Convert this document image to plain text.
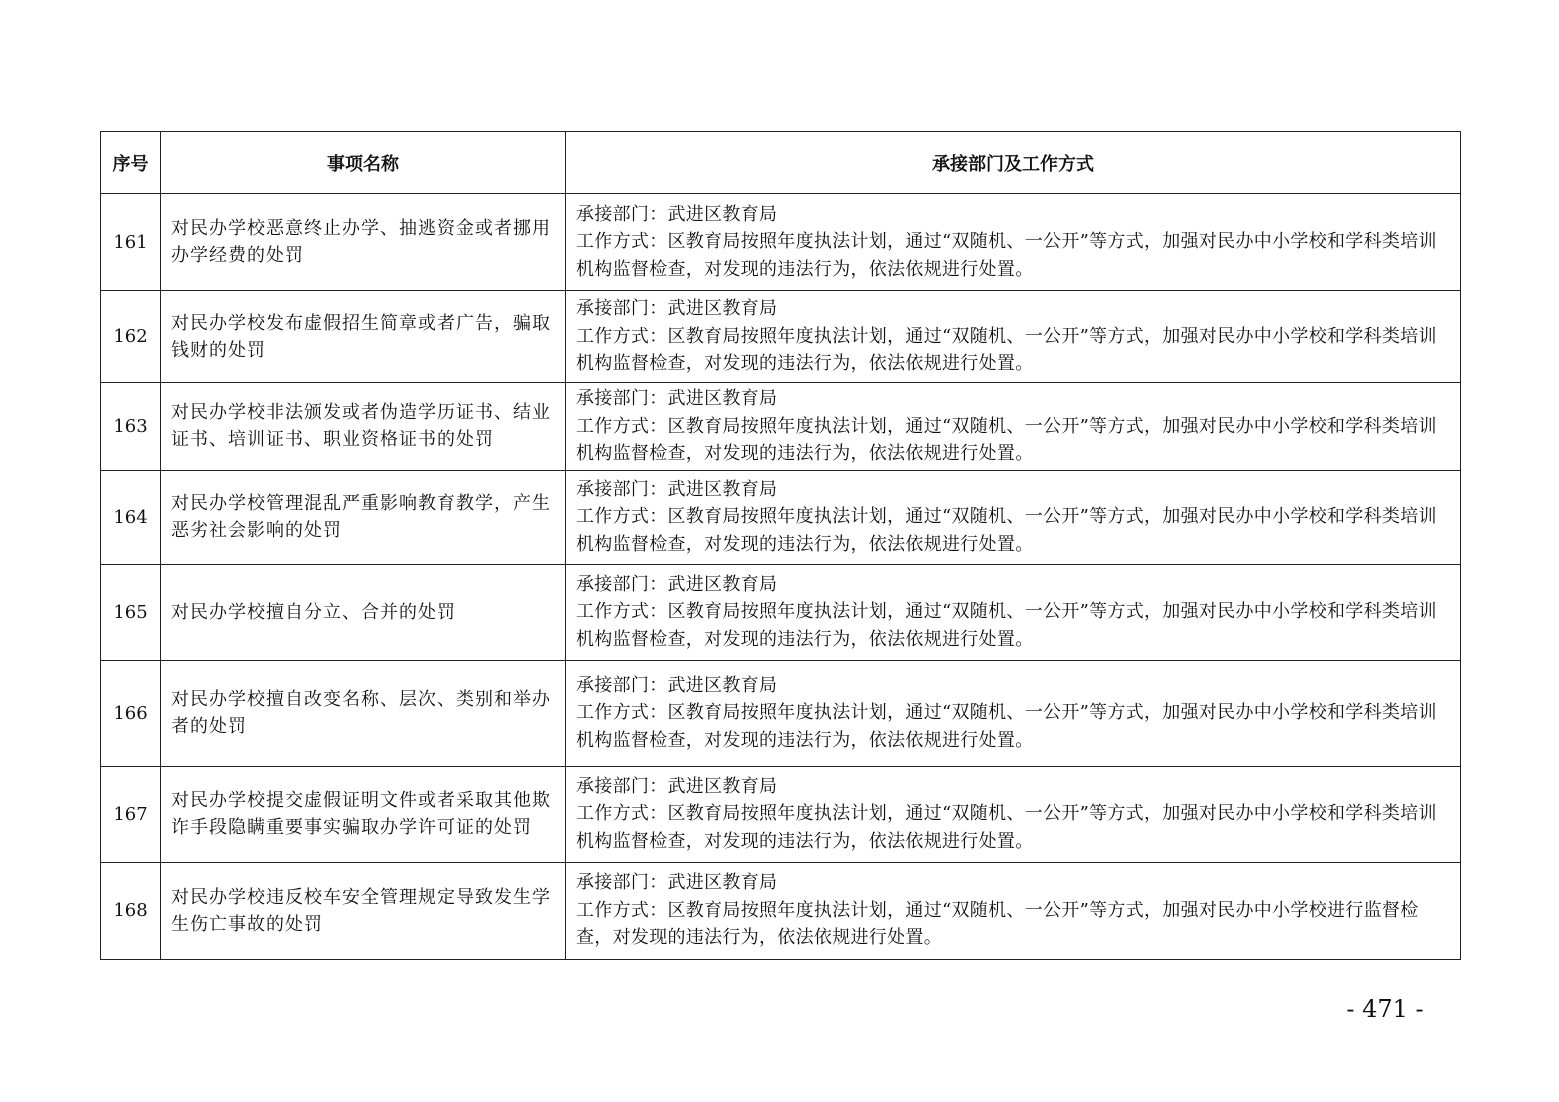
序号	事项名称	承接部门及工作方式
161	对民办学校恶意终止办学、抽逃资金或者挪用办学经费的处罚	承接部门：武进区教育局
工作方式：区教育局按照年度执法计划，通过“双随机、一公开”等方式，加强对民办中小学校和学科类培训机构监督检查，对发现的违法行为，依法依规进行处置。

162	对民办学校发布虚假招生简章或者广告，骗取钱财的处罚	承接部门：武进区教育局
工作方式：区教育局按照年度执法计划，通过“双随机、一公开”等方式，加强对民办中小学校和学科类培训机构监督检查，对发现的违法行为，依法依规进行处置。

163	对民办学校非法颁发或者伪造学历证书、结业证书、培训证书、职业资格证书的处罚	承接部门：武进区教育局
工作方式：区教育局按照年度执法计划，通过“双随机、一公开”等方式，加强对民办中小学校和学科类培训机构监督检查，对发现的违法行为，依法依规进行处置。

164	对民办学校管理混乱严重影响教育教学，产生恶劣社会影响的处罚	承接部门：武进区教育局
工作方式：区教育局按照年度执法计划，通过“双随机、一公开”等方式，加强对民办中小学校和学科类培训机构监督检查，对发现的违法行为，依法依规进行处置。

165	对民办学校擅自分立、合并的处罚	承接部门：武进区教育局
工作方式：区教育局按照年度执法计划，通过“双随机、一公开”等方式，加强对民办中小学校和学科类培训机构监督检查，对发现的违法行为，依法依规进行处置。

166	对民办学校擅自改变名称、层次、类别和举办者的处罚	承接部门：武进区教育局
工作方式：区教育局按照年度执法计划，通过“双随机、一公开”等方式，加强对民办中小学校和学科类培训机构监督检查，对发现的违法行为，依法依规进行处置。

167	对民办学校提交虚假证明文件或者采取其他欺诈手段隐瞒重要事实骗取办学许可证的处罚	承接部门：武进区教育局
工作方式：区教育局按照年度执法计划，通过“双随机、一公开”等方式，加强对民办中小学校和学科类培训机构监督检查，对发现的违法行为，依法依规进行处置。

168	对民办学校违反校车安全管理规定导致发生学生伤亡事故的处罚	承接部门：武进区教育局
工作方式：区教育局按照年度执法计划，通过“双随机、一公开”等方式，加强对民办中小学校进行监督检查，对发现的违法行为，依法依规进行处置。
- 471 -
